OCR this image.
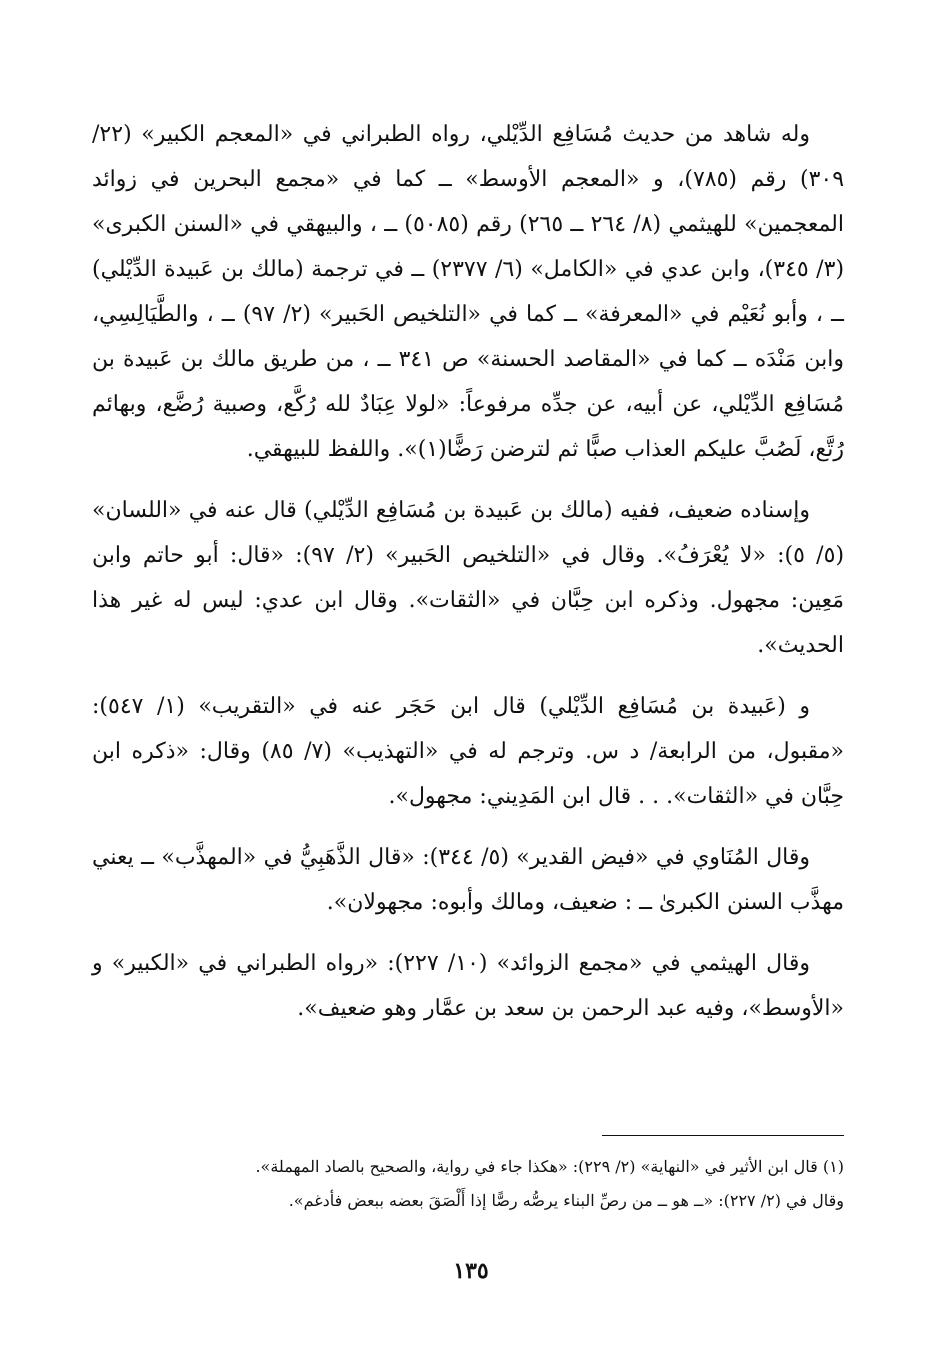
وله شاهد من حديث مُسَافِع الدِّيْلي، رواه الطبراني في «المعجم الكبير» (٢٢/ ٣٠٩) رقم (٧٨٥)، و «المعجم الأوسط» ــ كما في «مجمع البحرين في زوائد المعجمين» للهيثمي (٨/ ٢٦٤ ــ ٢٦٥) رقم (٥٠٨٥) ــ ، والبيهقي في «السنن الكبرى» (٣/ ٣٤٥)، وابن عدي في «الكامل» (٦/ ٢٣٧٧) ــ في ترجمة (مالك بن عَبيدة الدِّيْلي) ــ ، وأبو نُعَيْم في «المعرفة» ــ كما في «التلخيص الحَبير» (٢/ ٩٧) ــ ، والطَّيَالِسِي، وابن مَنْدَه ــ كما في «المقاصد الحسنة» ص ٣٤١ ــ ، من طريق مالك بن عَبيدة بن مُسَافِع الدِّيْلي، عن أبيه، عن جدِّه مرفوعاً: «لولا عِبَادٌ لله رُكَّع، وصبية رُضَّع، وبهائم رُتَّع، لَصُبَّ عليكم العذاب صبًّا ثم لترضن رَضًّا(١)». واللفظ للبيهقي.

وإسناده ضعيف، ففيه (مالك بن عَبيدة بن مُسَافِع الدِّيْلي) قال عنه في «اللسان» (٥/ ٥): «لا يُعْرَفُ». وقال في «التلخيص الحَبير» (٢/ ٩٧): «قال: أبو حاتم وابن مَعِين: مجهول. وذكره ابن حِبَّان في «الثقات». وقال ابن عدي: ليس له غير هذا الحديث».

و (عَبيدة بن مُسَافِع الدِّيْلي) قال ابن حَجَر عنه في «التقريب» (١/ ٥٤٧): «مقبول، من الرابعة/ د س. وترجم له في «التهذيب» (٧/ ٨٥) وقال: «ذكره ابن حِبَّان في «الثقات». . . قال ابن المَدِيني: مجهول».

وقال المُنَاوي في «فيض القدير» (٥/ ٣٤٤): «قال الذَّهَبِيُّ في «المهذَّب» ــ يعني مهذَّب السنن الكبرىٰ ــ : ضعيف، ومالك وأبوه: مجهولان».

وقال الهيثمي في «مجمع الزوائد» (١٠/ ٢٢٧): «رواه الطبراني في «الكبير» و «الأوسط»، وفيه عبد الرحمن بن سعد بن عمَّار وهو ضعيف».

(١) قال ابن الأثير في «النهاية» (٢/ ٢٢٩): «هكذا جاء في رواية، والصحيح بالصاد المهملة».

وقال في (٢/ ٢٢٧): «ــ هو ــ من رصِّ البناء يرصُّه رصًّا إذا أَلْصَقَ بعضه ببعض فأدغم».

١٣٥
